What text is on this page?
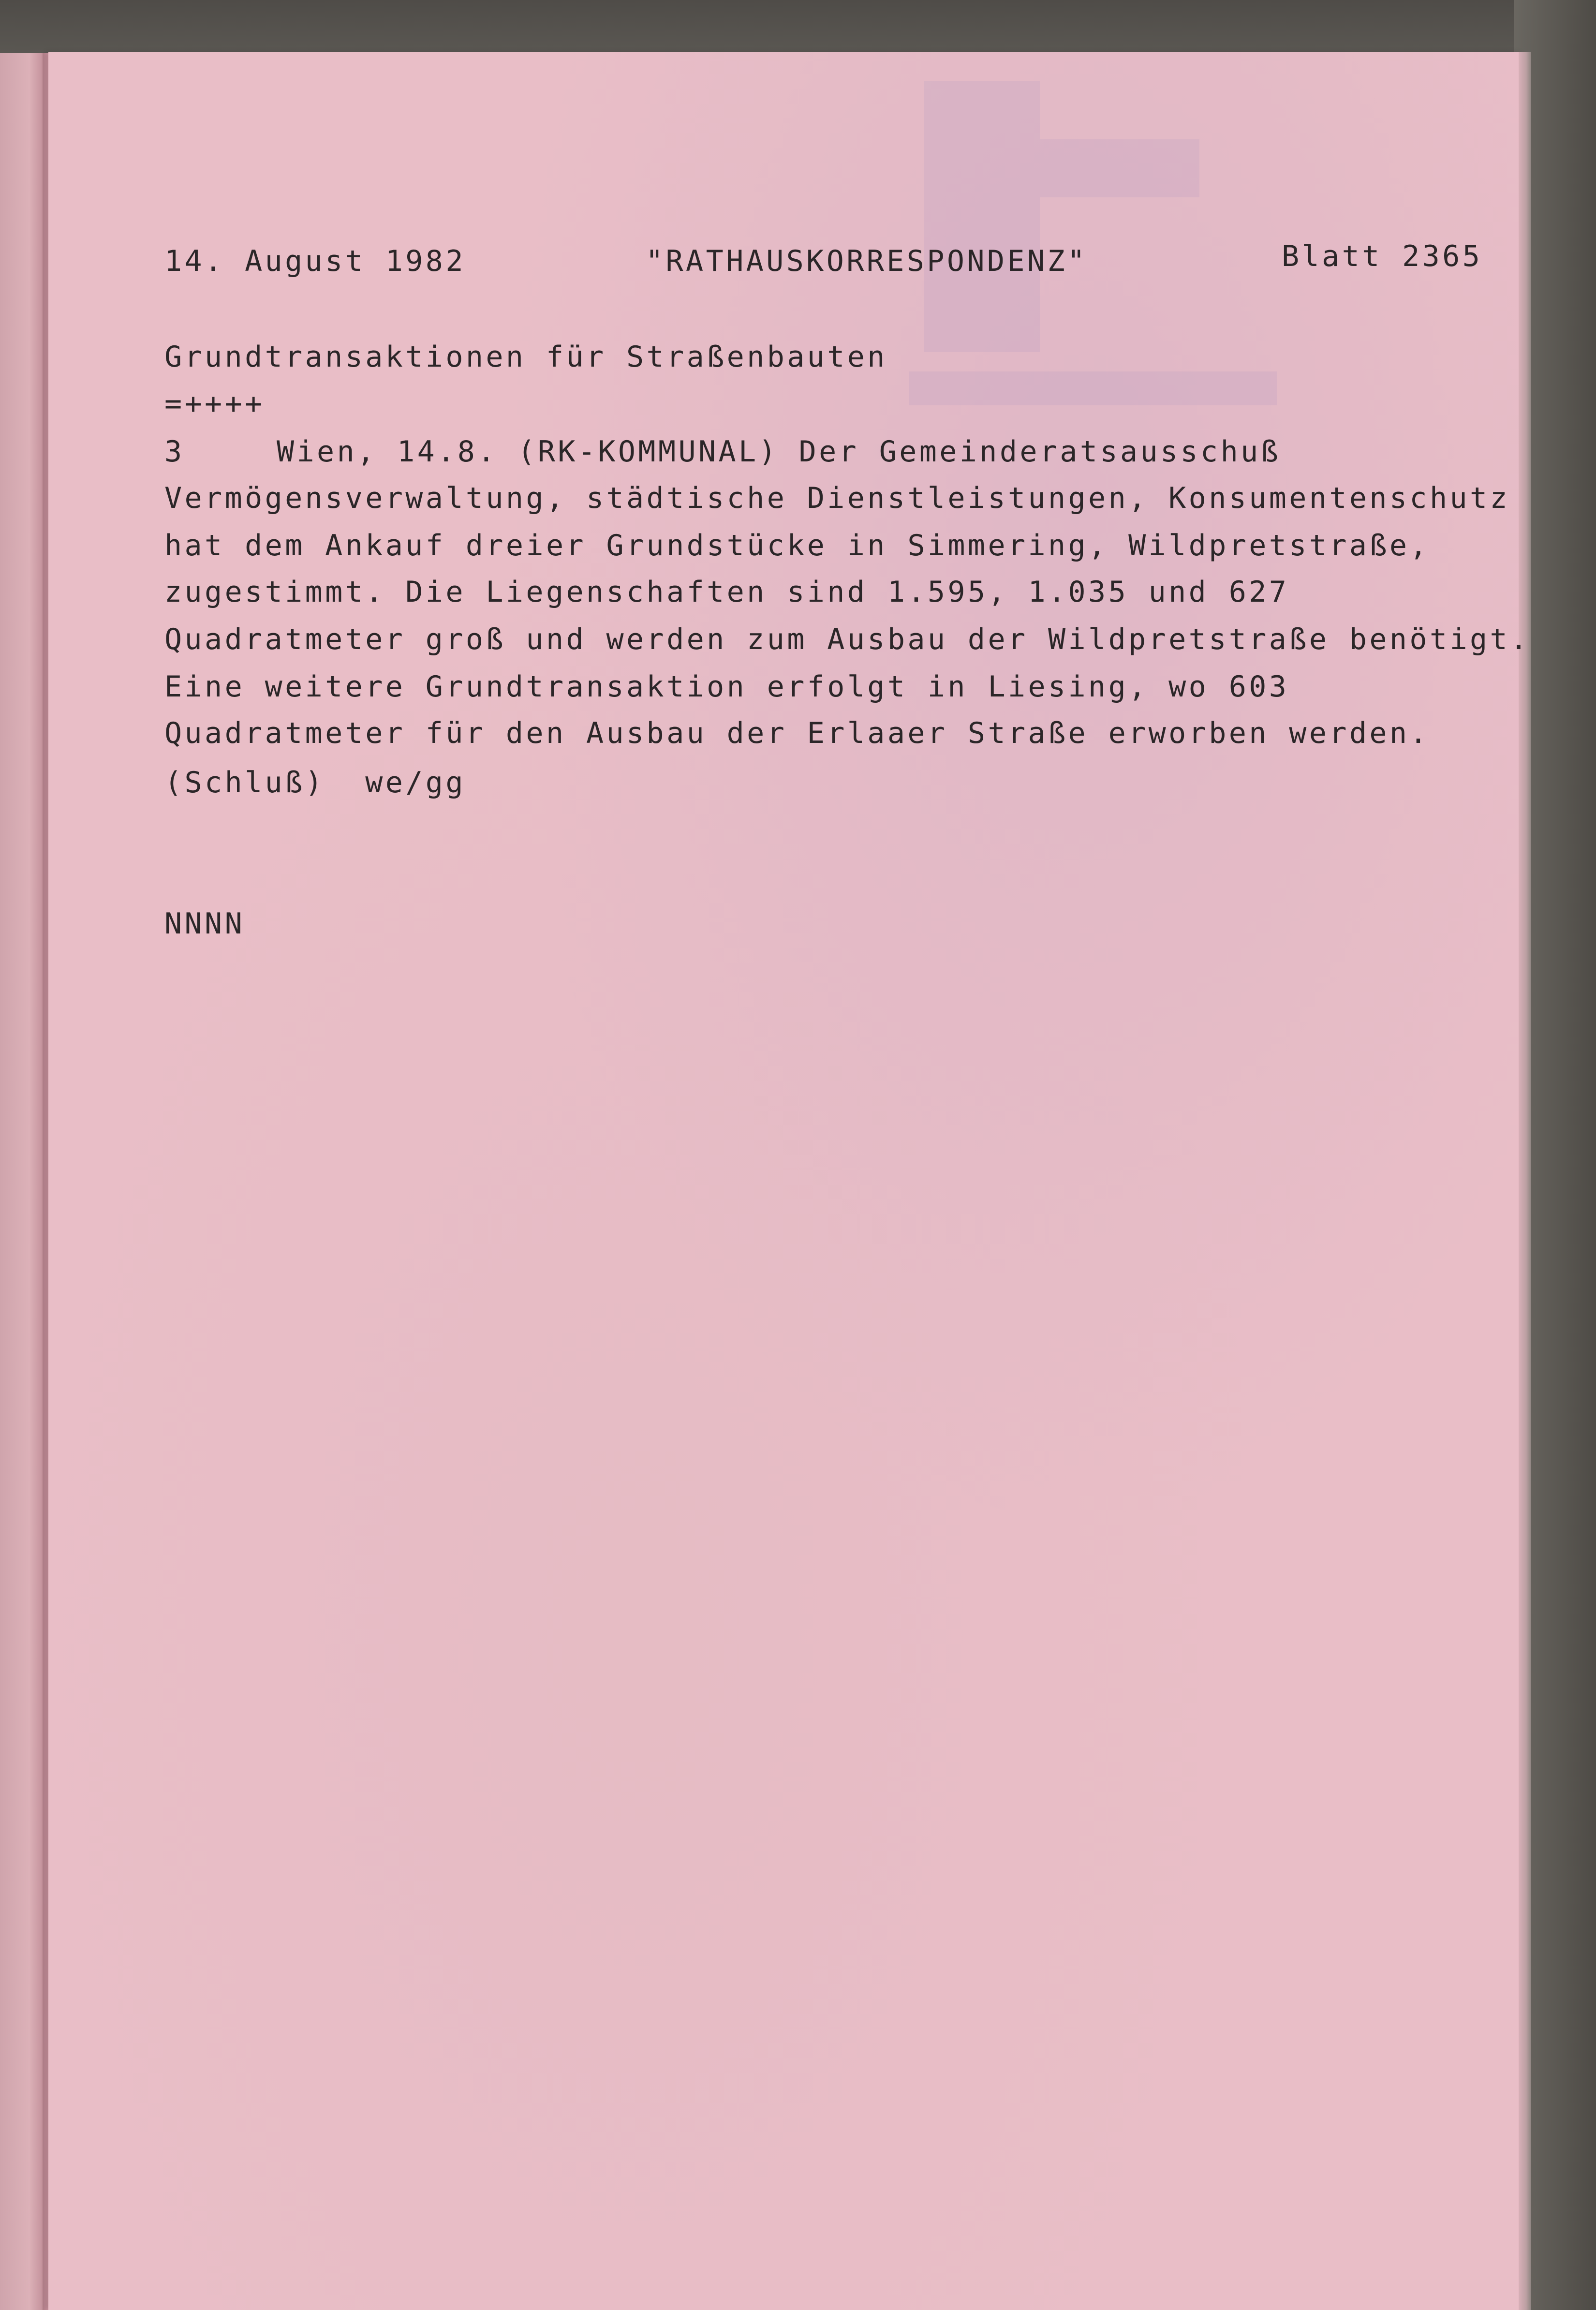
14. August 1982	"RATHAUSKORRESPONDENZ"	Blatt 2365
Grundtransaktionen für Straßenbauten
=++++
3	Wien, 14.8. (RK-KOMMUNAL) Der Gemeinderatsausschuß
Vermögensverwaltung, städtische Dienstleistungen, Konsumentenschutz
hat dem Ankauf dreier Grundstücke in Simmering, Wildpretstraße,
zugestimmt. Die Liegenschaften sind 1.595, 1.035 und 627
Quadratmeter groß und werden zum Ausbau der Wildpretstraße benötigt.
Eine weitere Grundtransaktion erfolgt in Liesing, wo 603
Quadratmeter für den Ausbau der Erlaaer Straße erworben werden.
(Schluß)  we/gg
NNNN
